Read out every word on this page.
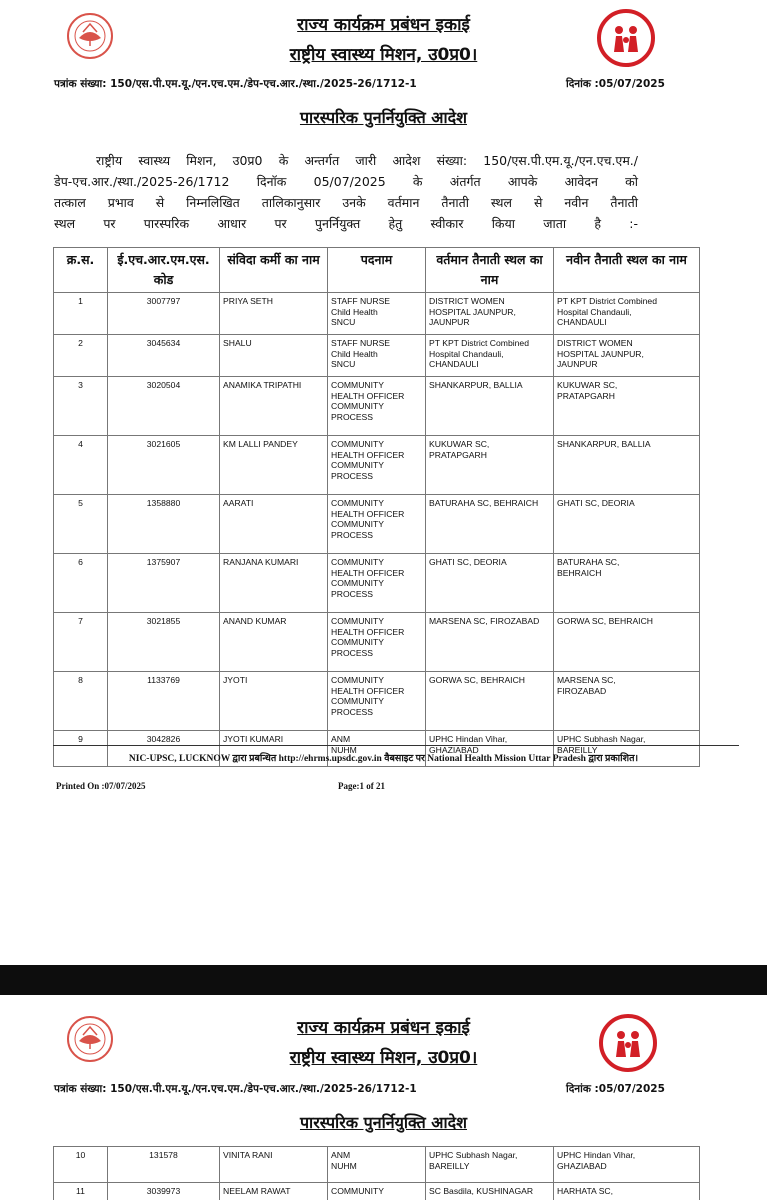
राज्य कार्यक्रम प्रबंधन इकाई
राष्ट्रीय स्वास्थ्य मिशन, उ0प्र0।
पत्रांक संख्या: 150/एस.पी.एम.यू./एन.एच.एम./डेप-एच.आर./स्था./2025-26/1712-1	दिनांक :05/07/2025
पारस्परिक पुनर्नियुक्ति आदेश
राष्ट्रीय स्वास्थ्य मिशन, उ0प्र0 के अन्तर्गत जारी आदेश संख्या: 150/एस.पी.एम.यू./एन.एच.एम./
डेप-एच.आर./स्था./2025-26/1712 दिनॉक 05/07/2025 के अंतर्गत आपके आवेदन को
तत्काल प्रभाव से निम्नलिखित तालिकानुसार उनके वर्तमान तैनाती स्थल से नवीन तैनाती
स्थल पर पारस्परिक आधार पर पुनर्नियुक्त हेतु स्वीकार किया जाता है :-
क्र.स.	ई.एच.आर.एम.एस. कोड	संविदा कर्मी का नाम	पदनाम	वर्तमान तैनाती स्थल का नाम	नवीन तैनाती स्थल का नाम
1	3007797	PRIYA SETH	STAFF NURSE
Child Health
SNCU	DISTRICT WOMEN
HOSPITAL JAUNPUR,
JAUNPUR	PT KPT District Combined
Hospital Chandauli,
CHANDAULI
2	3045634	SHALU	STAFF NURSE
Child Health
SNCU	PT KPT District Combined
Hospital Chandauli,
CHANDAULI	DISTRICT WOMEN
HOSPITAL JAUNPUR,
JAUNPUR
3	3020504	ANAMIKA TRIPATHI	COMMUNITY
HEALTH OFFICER
COMMUNITY
PROCESS	SHANKARPUR, BALLIA	KUKUWAR SC,
PRATAPGARH
4	3021605	KM LALLI PANDEY	COMMUNITY
HEALTH OFFICER
COMMUNITY
PROCESS	KUKUWAR SC,
PRATAPGARH	SHANKARPUR, BALLIA
5	1358880	AARATI	COMMUNITY
HEALTH OFFICER
COMMUNITY
PROCESS	BATURAHA SC, BEHRAICH	GHATI SC, DEORIA
6	1375907	RANJANA KUMARI	COMMUNITY
HEALTH OFFICER
COMMUNITY
PROCESS	GHATI SC, DEORIA	BATURAHA SC,
BEHRAICH
7	3021855	ANAND KUMAR	COMMUNITY
HEALTH OFFICER
COMMUNITY
PROCESS	MARSENA SC, FIROZABAD	GORWA SC, BEHRAICH
8	1133769	JYOTI	COMMUNITY
HEALTH OFFICER
COMMUNITY
PROCESS	GORWA SC, BEHRAICH	MARSENA SC,
FIROZABAD
9	3042826	JYOTI KUMARI	ANM
NUHM	UPHC Hindan Vihar,
GHAZIABAD	UPHC Subhash Nagar,
BAREILLY
NIC-UPSC, LUCKNOW द्वारा प्रबन्धित http://ehrms.upsdc.gov.in वैबसाइट पर National Health Mission Uttar Pradesh द्वारा प्रकाशित।
Printed On :07/07/2025	Page:1 of 21
राज्य कार्यक्रम प्रबंधन इकाई
राष्ट्रीय स्वास्थ्य मिशन, उ0प्र0।
पत्रांक संख्या: 150/एस.पी.एम.यू./एन.एच.एम./डेप-एच.आर./स्था./2025-26/1712-1	दिनांक :05/07/2025
पारस्परिक पुनर्नियुक्ति आदेश
10	131578	VINITA RANI	ANM
NUHM	UPHC Subhash Nagar,
BAREILLY	UPHC Hindan Vihar,
GHAZIABAD
11	3039973	NEELAM RAWAT	COMMUNITY	SC Basdila, KUSHINAGAR	HARHATA SC,
